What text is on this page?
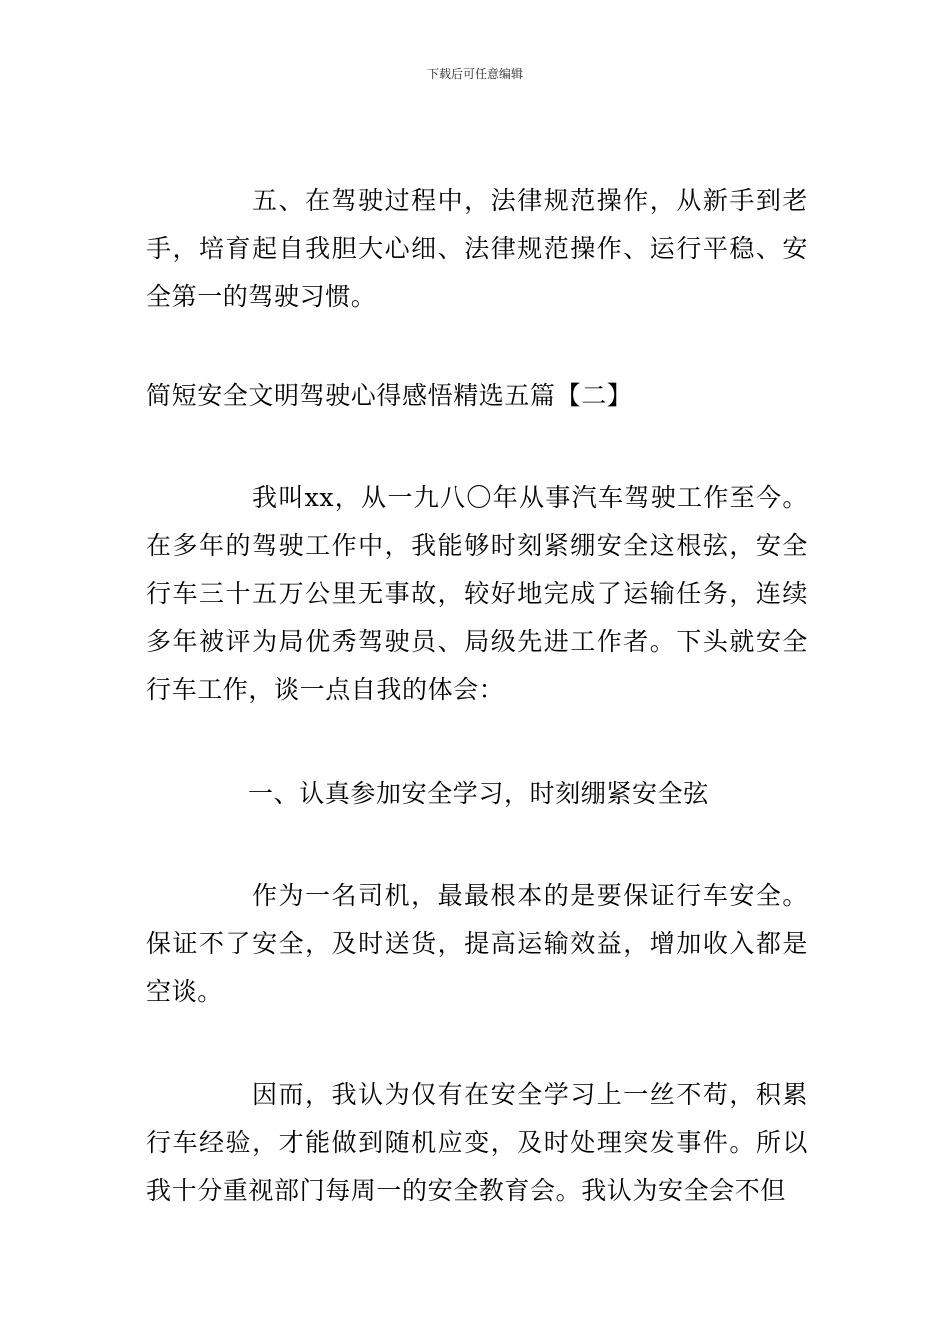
下载后可任意编辑

五、在驾驶过程中，法律规范操作，从新手到老手，培育起自我胆大心细、法律规范操作、运行平稳、安全第一的驾驶习惯。

简短安全文明驾驶心得感悟精选五篇【二】

我叫xx，从一九八〇年从事汽车驾驶工作至今。在多年的驾驶工作中，我能够时刻紧绷安全这根弦，安全行车三十五万公里无事故，较好地完成了运输任务，连续多年被评为局优秀驾驶员、局级先进工作者。下头就安全行车工作，谈一点自我的体会：

一、认真参加安全学习，时刻绷紧安全弦

作为一名司机，最最根本的是要保证行车安全。保证不了安全，及时送货，提高运输效益，增加收入都是空谈。

因而，我认为仅有在安全学习上一丝不苟，积累行车经验，才能做到随机应变，及时处理突发事件。所以我十分重视部门每周一的安全教育会。我认为安全会不但
